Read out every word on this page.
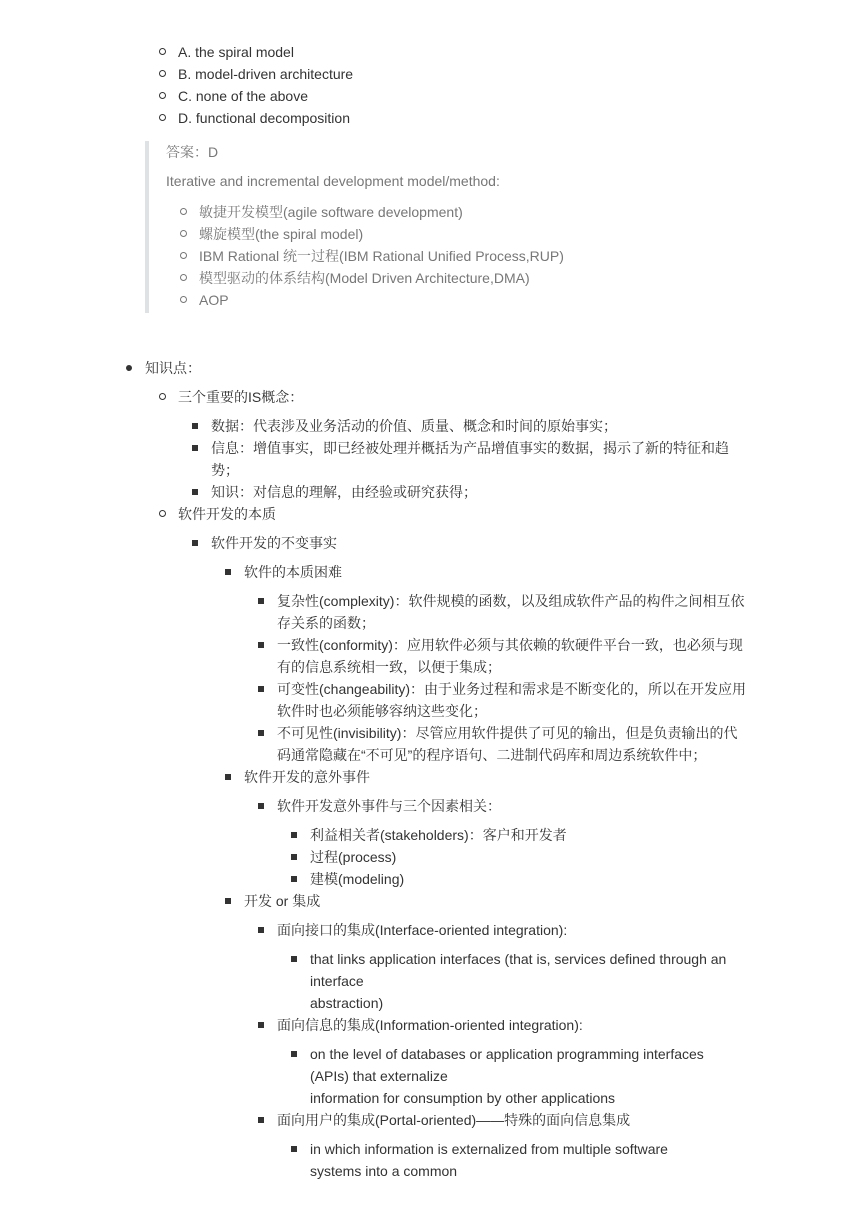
A. the spiral model
B. model-driven architecture
C. none of the above
D. functional decomposition
答案：D
Iterative and incremental development model/method:
敏捷开发模型(agile software development)
螺旋模型(the spiral model)
IBM Rational 统一过程(IBM Rational Unified Process,RUP)
模型驱动的体系结构(Model Driven Architecture,DMA)
AOP
知识点：
三个重要的IS概念：
数据：代表涉及业务活动的价值、质量、概念和时间的原始事实；
信息：增值事实，即已经被处理并概括为产品增值事实的数据，揭示了新的特征和趋
势；
知识：对信息的理解，由经验或研究获得；
软件开发的本质
软件开发的不变事实
软件的本质困难
复杂性(complexity)：软件规模的函数，以及组成软件产品的构件之间相互依
存关系的函数；
一致性(conformity)：应用软件必须与其依赖的软硬件平台一致，也必须与现
有的信息系统相一致，以便于集成；
可变性(changeability)：由于业务过程和需求是不断变化的，所以在开发应用
软件时也必须能够容纳这些变化；
不可见性(invisibility)：尽管应用软件提供了可见的输出，但是负责输出的代
码通常隐藏在“不可见”的程序语句、二进制代码库和周边系统软件中；
软件开发的意外事件
软件开发意外事件与三个因素相关：
利益相关者(stakeholders)：客户和开发者
过程(process)
建模(modeling)
开发 or 集成
面向接口的集成(Interface-oriented integration):
that links application interfaces (that is, services defined through an
interface
abstraction)
面向信息的集成(Information-oriented integration):
on the level of databases or application programming interfaces
(APIs) that externalize
information for consumption by other applications
面向用户的集成(Portal-oriented)——特殊的面向信息集成
in which information is externalized from multiple software
systems into a common
